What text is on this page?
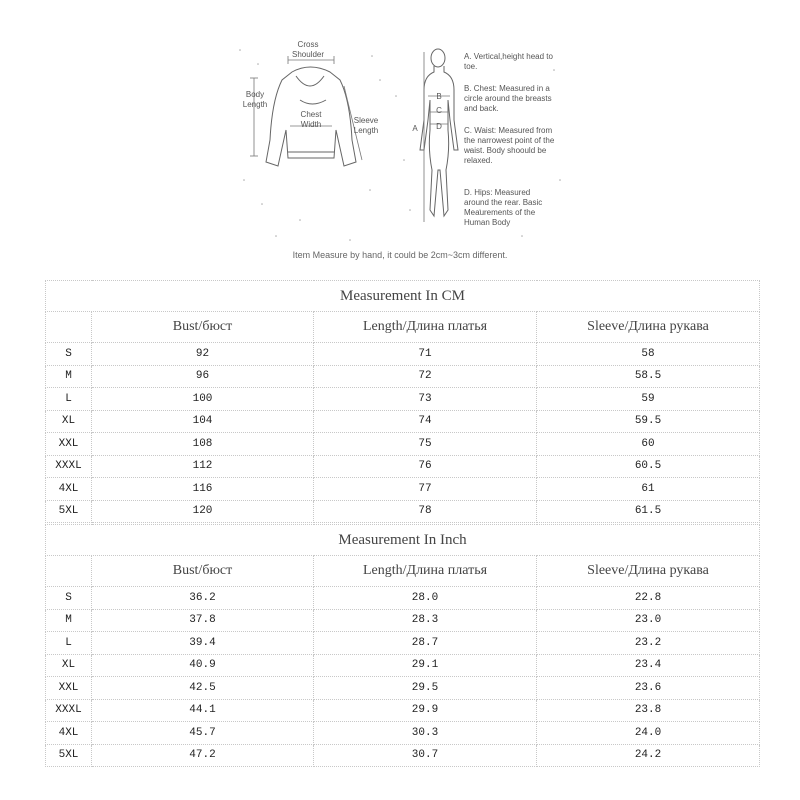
Cross Shoulder
Body Length
Chest Width	Sleeve Length	A
B
C
D
A. Vertical,height head to toe.
B. Chest: Measured in a circle around the breasts and back.
C. Waist: Measured from the narrowest point of the waist. Body shoould be relaxed.
D. Hips: Measured around the rear. Basic Meaurements of the Human Body
Item Measure by hand, it could be 2cm~3cm different.
Measurement In CM			
	Bust/бюст	Length/Длина платья	Sleeve/Длина рукава
S	92	71	58
M	96	72	58.5
L	100	73	59
XL	104	74	59.5
XXL	108	75	60
XXXL	112	76	60.5
4XL	116	77	61
5XL	120	78	61.5
Measurement In Inch			
	Bust/бюст	Length/Длина платья	Sleeve/Длина рукава
S	36.2	28.0	22.8
M	37.8	28.3	23.0
L	39.4	28.7	23.2
XL	40.9	29.1	23.4
XXL	42.5	29.5	23.6
XXXL	44.1	29.9	23.8
4XL	45.7	30.3	24.0
5XL	47.2	30.7	24.2
